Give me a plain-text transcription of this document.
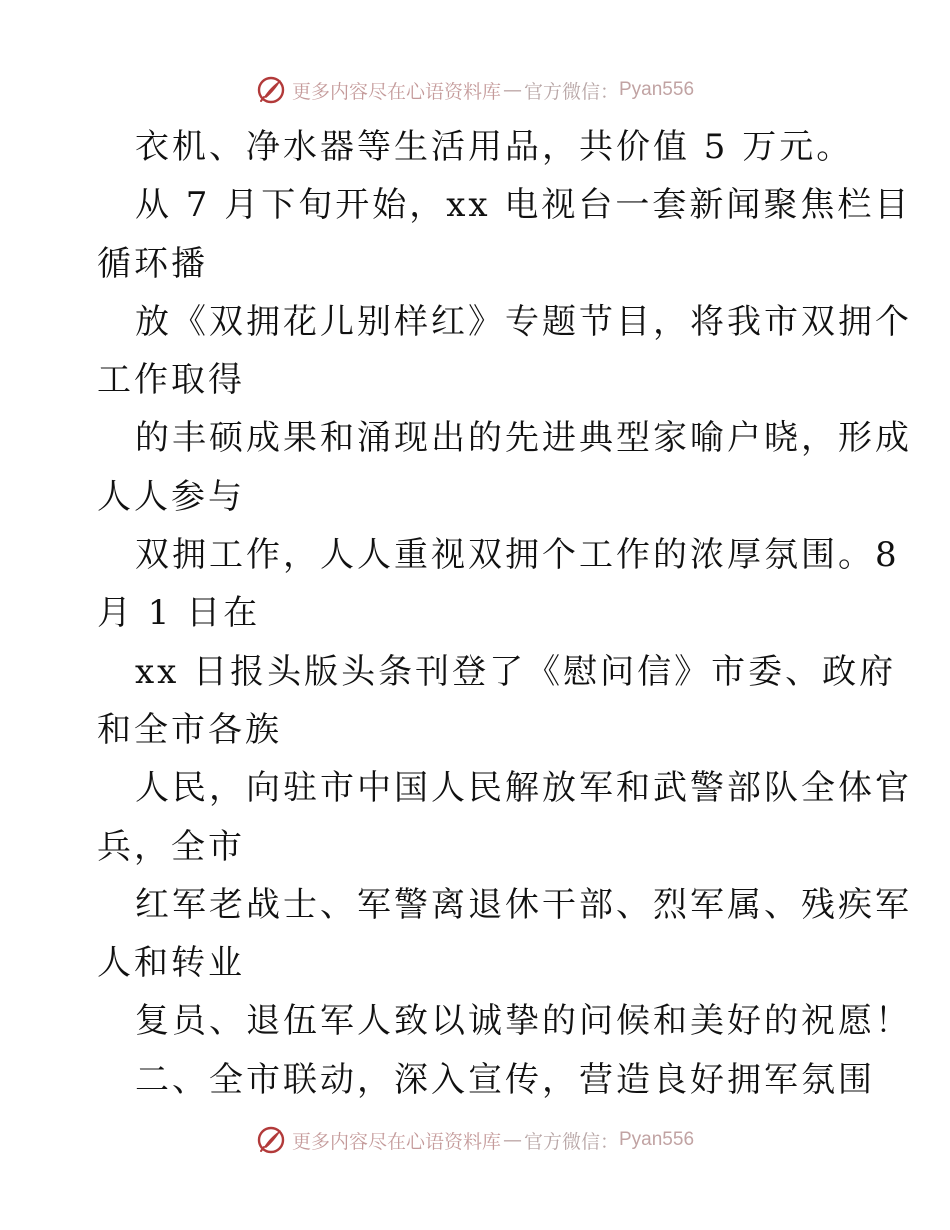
更多内容尽在心语资料库 — 官方微信： Pyan556
衣机、净水器等生活用品，共价值 5 万元。
从 7 月下旬开始，xx 电视台一套新闻聚焦栏目
循环播
放《双拥花儿别样红》专题节目，将我市双拥个
工作取得
的丰硕成果和涌现出的先进典型家喻户晓，形成
人人参与
双拥工作，人人重视双拥个工作的浓厚氛围。8
月 1 日在
xx 日报头版头条刊登了《慰问信》市委、政府
和全市各族
人民，向驻市中国人民解放军和武警部队全体官
兵，全市
红军老战士、军警离退休干部、烈军属、残疾军
人和转业
复员、退伍军人致以诚挚的问候和美好的祝愿！
二、全市联动，深入宣传，营造良好拥军氛围
更多内容尽在心语资料库 — 官方微信： Pyan556
